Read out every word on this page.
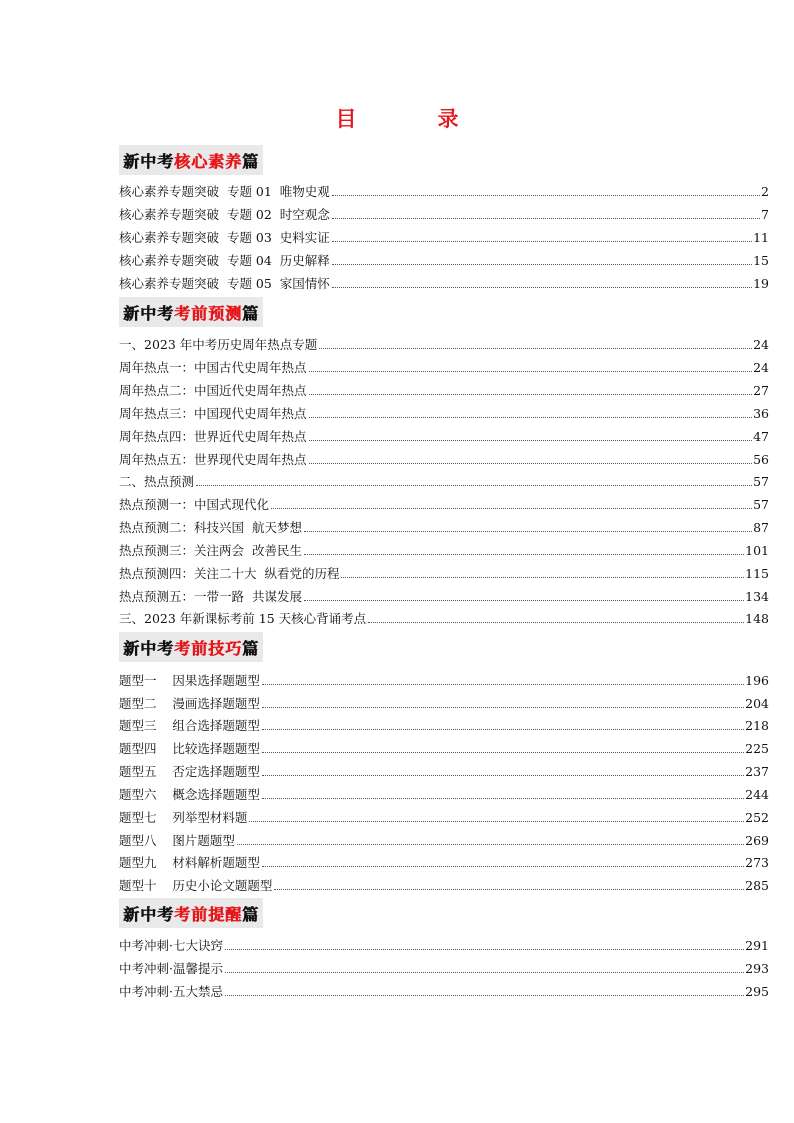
目　录
新中考 核心素养 篇
核心素养专题突破  专题 01  唯物史观	2
核心素养专题突破  专题 02  时空观念	7
核心素养专题突破  专题 03  史料实证	11
核心素养专题突破  专题 04  历史解释	15
核心素养专题突破  专题 05  家国情怀	19
新中考 考前预测 篇
一、2023 年中考历史周年热点专题	24
周年热点一：中国古代史周年热点	24
周年热点二：中国近代史周年热点	27
周年热点三：中国现代史周年热点	36
周年热点四：世界近代史周年热点	47
周年热点五：世界现代史周年热点	56
二、热点预测	57
热点预测一：中国式现代化	57
热点预测二：科技兴国  航天梦想	87
热点预测三：关注两会  改善民生	101
热点预测四：关注二十大  纵看党的历程	115
热点预测五：一带一路  共谋发展	134
三、2023 年新课标考前 15 天核心背诵考点	148
新中考 考前技巧 篇
题型一    因果选择题题型	196
题型二    漫画选择题题型	204
题型三    组合选择题题型	218
题型四    比较选择题题型	225
题型五    否定选择题题型	237
题型六    概念选择题题型	244
题型七    列举型材料题	252
题型八    图片题题型	269
题型九    材料解析题题型	273
题型十    历史小论文题题型	285
新中考 考前提醒 篇
中考冲刺·七大诀窍	291
中考冲刺·温馨提示	293
中考冲刺·五大禁忌	295
